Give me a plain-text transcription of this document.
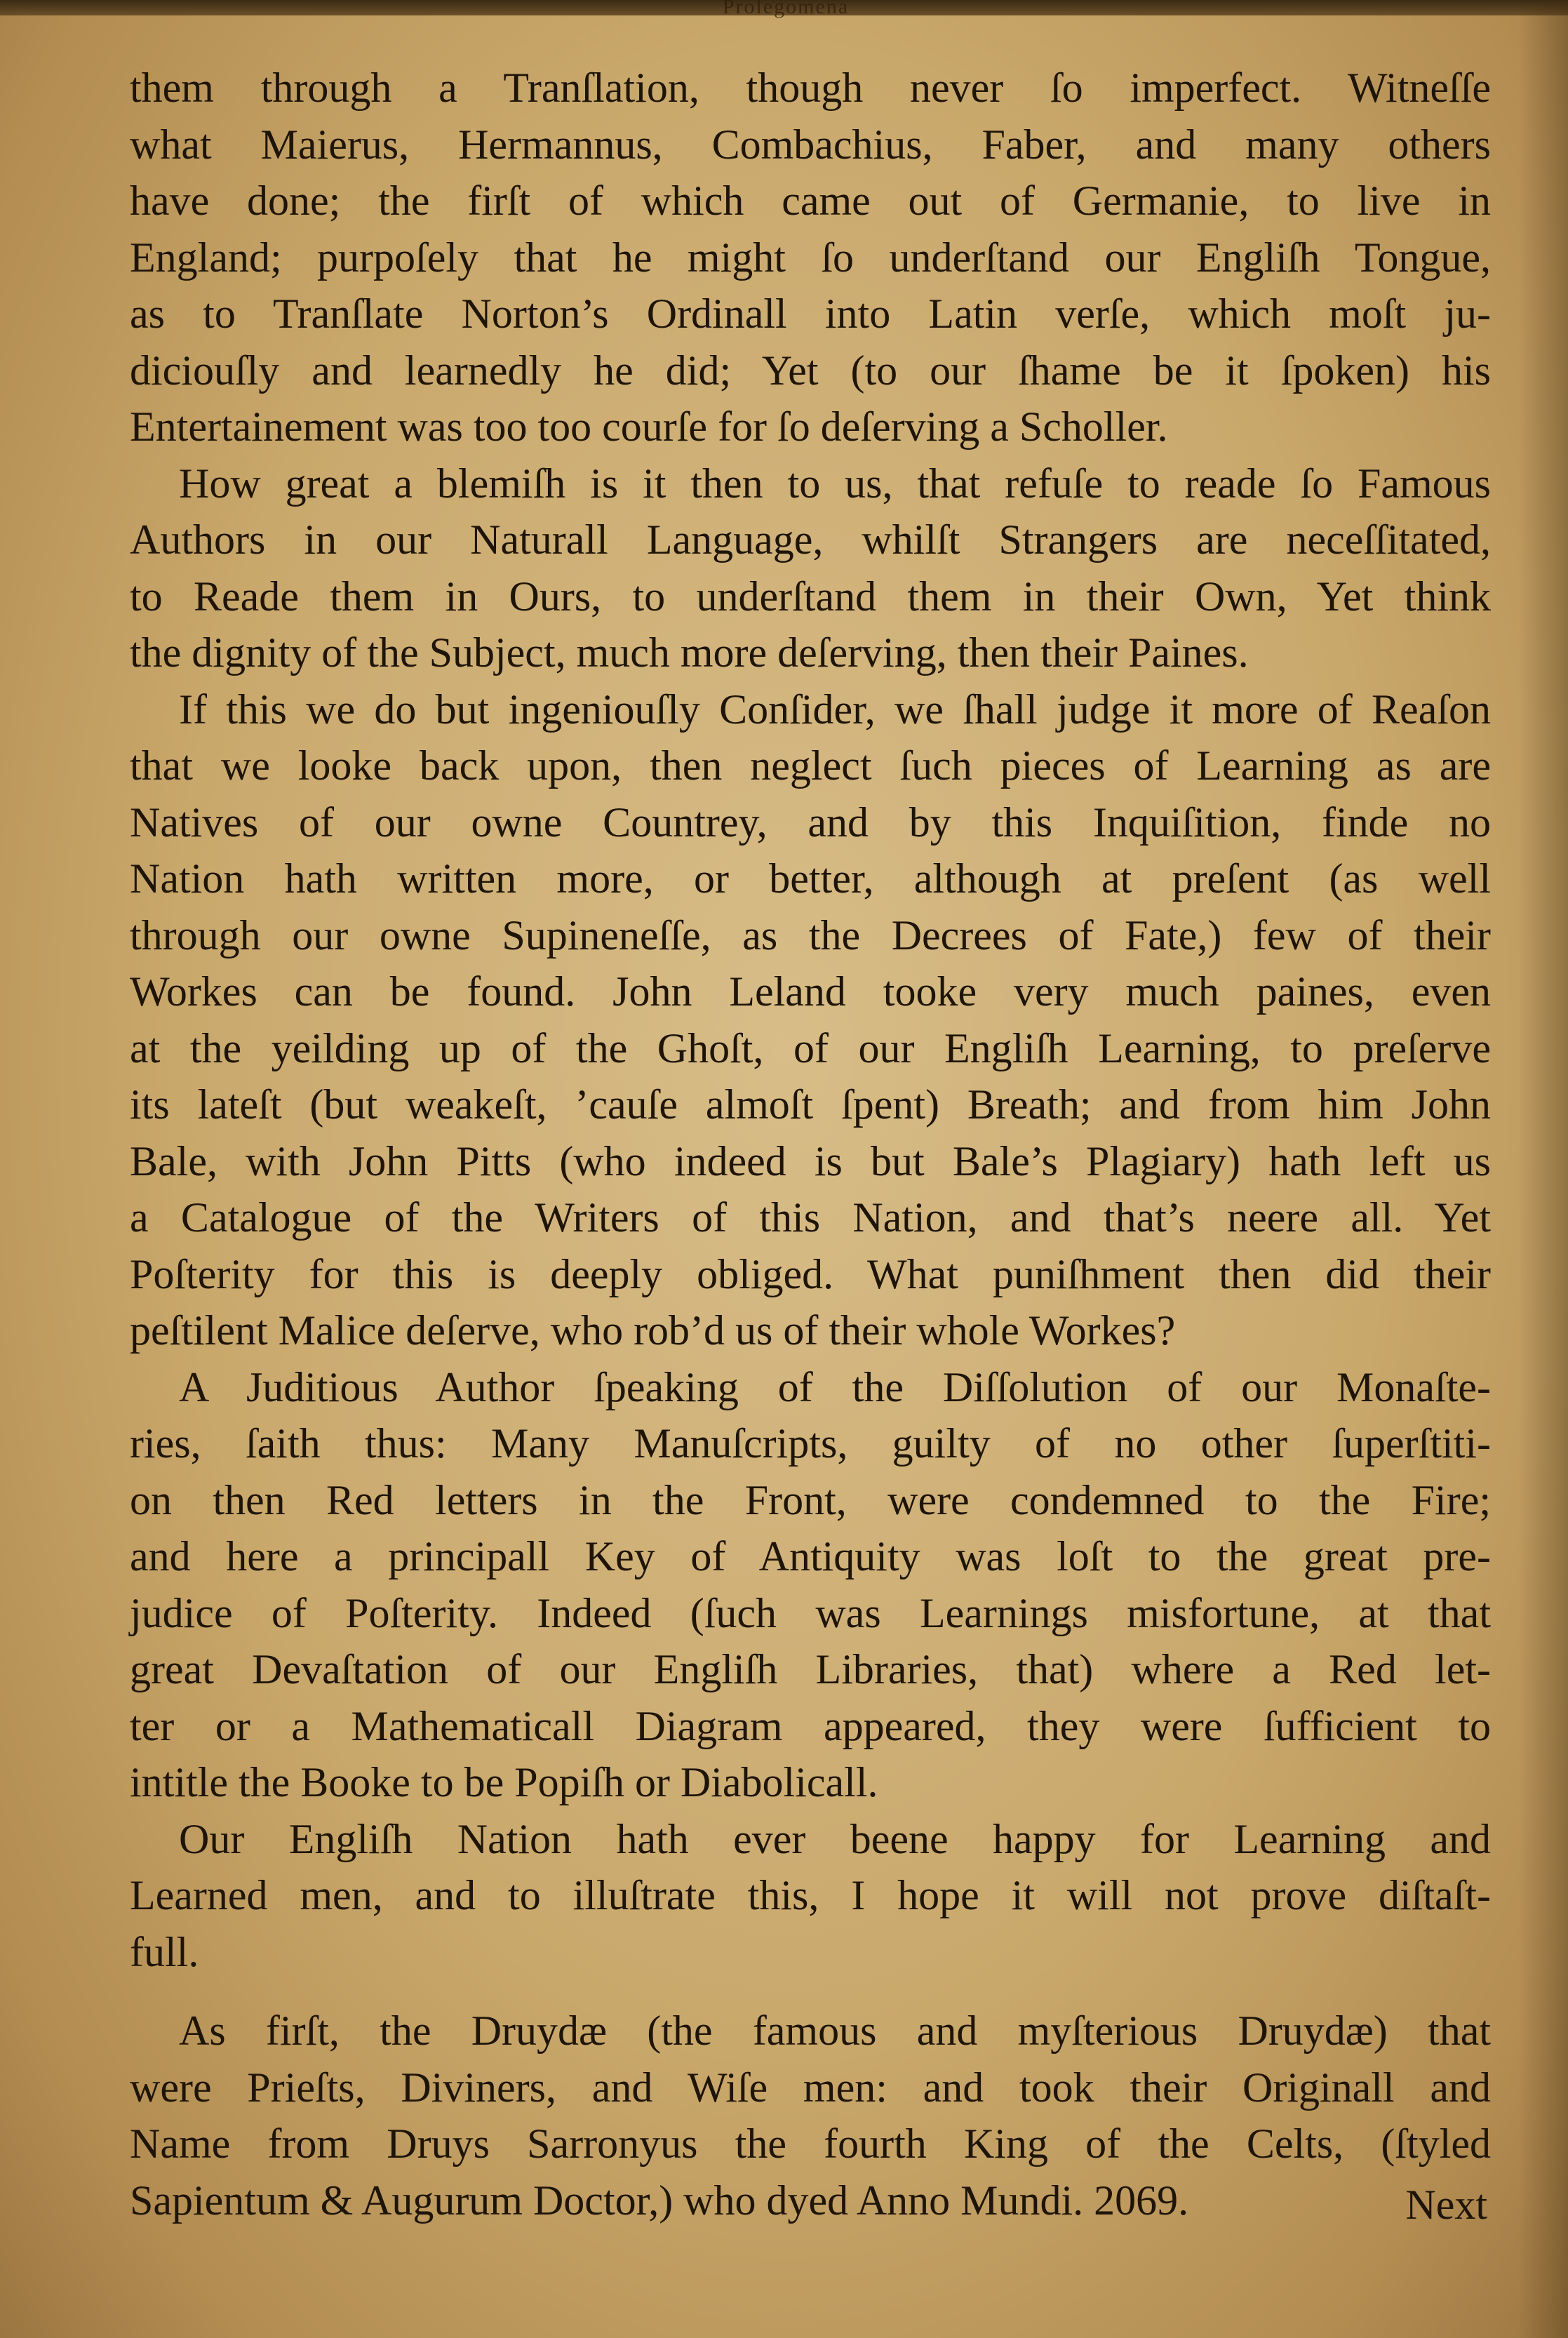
Prolegomena
them through a Tranſlation, though never ſo imperfect. Witneſſe
what Maierus, Hermannus, Combachius, Faber, and many others
have done; the firſt of which came out of Germanie, to live in
England; purpoſely that he might ſo underſtand our Engliſh Tongue,
as to Tranſlate Norton’s Ordinall into Latin verſe, which moſt ju-
diciouſly and learnedly he did; Yet (to our ſhame be it ſpoken) his
Entertainement was too too courſe for ſo deſerving a Scholler.
How great a blemiſh is it then to us, that refuſe to reade ſo Famous
Authors in our Naturall Language, whilſt Strangers are neceſſitated,
to Reade them in Ours, to underſtand them in their Own, Yet think
the dignity of the Subject, much more deſerving, then their Paines.
If this we do but ingeniouſly Conſider, we ſhall judge it more of Reaſon
that we looke back upon, then neglect ſuch pieces of Learning as are
Natives of our owne Countrey, and by this Inquiſition, finde no
Nation hath written more, or better, although at preſent (as well
through our owne Supineneſſe, as the Decrees of Fate,) few of their
Workes can be found. John Leland tooke very much paines, even
at the yeilding up of the Ghoſt, of our Engliſh Learning, to preſerve
its lateſt (but weakeſt, ’cauſe almoſt ſpent) Breath; and from him John
Bale, with John Pitts (who indeed is but Bale’s Plagiary) hath left us
a Catalogue of the Writers of this Nation, and that’s neere all. Yet
Poſterity for this is deeply obliged. What puniſhment then did their
peſtilent Malice deſerve, who rob’d us of their whole Workes?
A Juditious Author ſpeaking of the Diſſolution of our Monaſte-
ries, ſaith thus: Many Manuſcripts, guilty of no other ſuperſtiti-
on then Red letters in the Front, were condemned to the Fire;
and here a principall Key of Antiquity was loſt to the great pre-
judice of Poſterity. Indeed (ſuch was Learnings misfortune, at that
great Devaſtation of our Engliſh Libraries, that) where a Red let-
ter or a Mathematicall Diagram appeared, they were ſufficient to
intitle the Booke to be Popiſh or Diabolicall.
Our Engliſh Nation hath ever beene happy for Learning and
Learned men, and to illuſtrate this, I hope it will not prove diſtaſt-
full.
As firſt, the Druydæ (the famous and myſterious Druydæ) that
were Prieſts, Diviners, and Wiſe men: and took their Originall and
Name from Druys Sarronyus the fourth King of the Celts, (ſtyled
Sapientum & Augurum Doctor,) who dyed Anno Mundi. 2069.	Next
